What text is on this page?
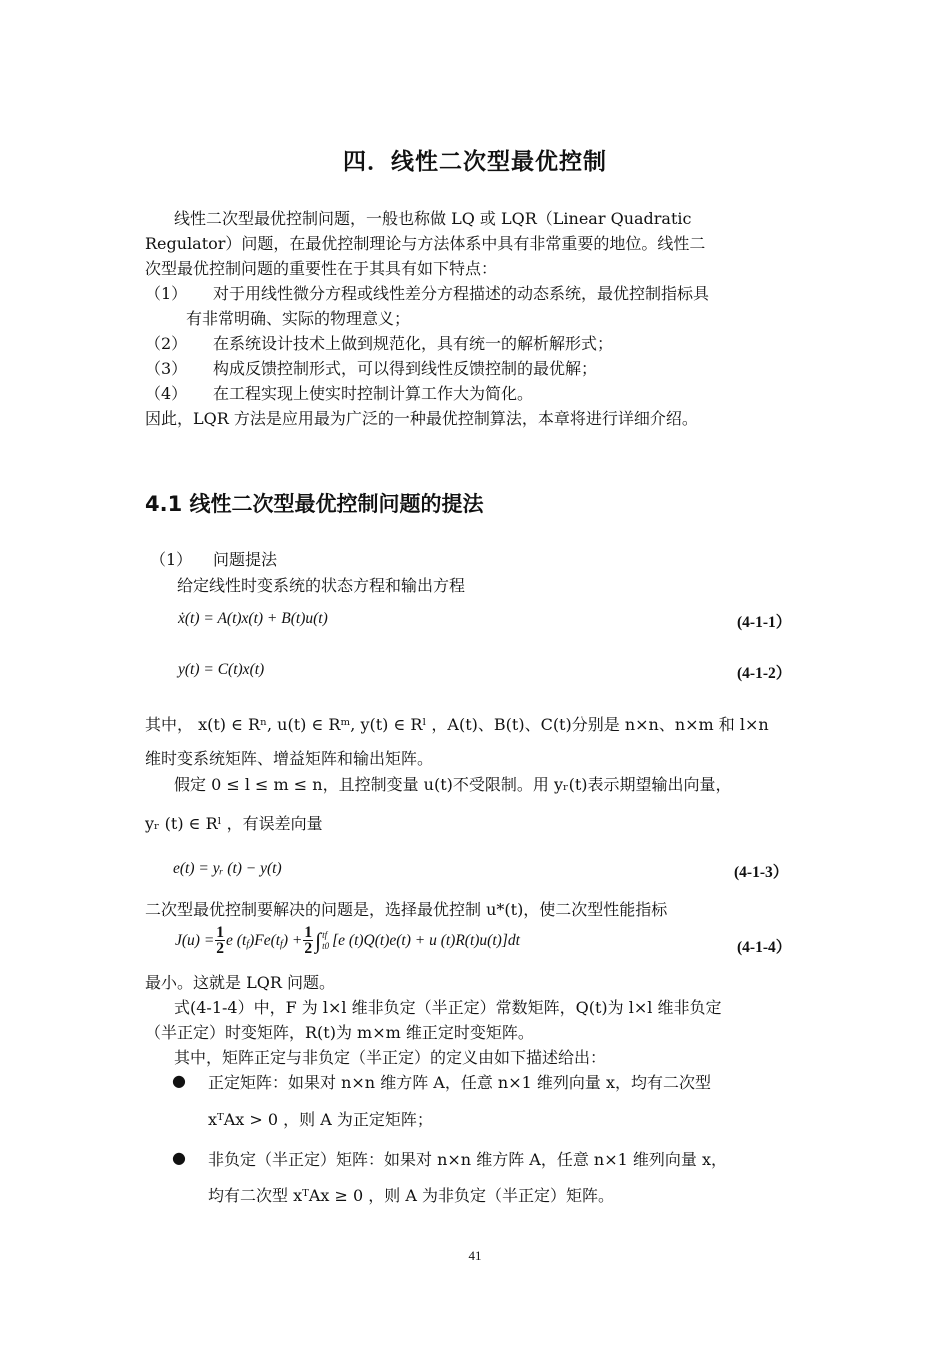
四．线性二次型最优控制
线性二次型最优控制问题，一般也称做 LQ 或 LQR（Linear Quadratic
Regulator）问题，在最优控制理论与方法体系中具有非常重要的地位。线性二
次型最优控制问题的重要性在于其具有如下特点：
（1） 对于用线性微分方程或线性差分方程描述的动态系统，最优控制指标具
有非常明确、实际的物理意义；
（2） 在系统设计技术上做到规范化，具有统一的解析解形式；
（3） 构成反馈控制形式，可以得到线性反馈控制的最优解；
（4） 在工程实现上使实时控制计算工作大为简化。
因此，LQR 方法是应用最为广泛的一种最优控制算法，本章将进行详细介绍。
4.1 线性二次型最优控制问题的提法
（1） 问题提法
给定线性时变系统的状态方程和输出方程
ẋ(t) = A(t)x(t) + B(t)u(t)	(4-1-1）
y(t) = C(t)x(t)	(4-1-2）
其中， x(t) ∈ Rⁿ, u(t) ∈ Rᵐ, y(t) ∈ Rˡ ，A(t)、B(t)、C(t)分别是 n×n、n×m 和 l×n
维时变系统矩阵、增益矩阵和输出矩阵。
假定 0 ≤ l ≤ m ≤ n，且控制变量 u(t)不受限制。用 yᵣ(t)表示期望输出向量，
yᵣ (t) ∈ Rˡ ，有误差向量
e(t) = yᵣ (t) − y(t)	(4-1-3）
二次型最优控制要解决的问题是，选择最优控制 u*(t)，使二次型性能指标
$J(u) = \frac{1}{2}$ e ($t_f$ )$Fe(t_f$ ) + $\frac{1}{2}$ ∫ tf
t0 [e (t)Q(t)e(t) + u (t)R(t)u(t)]dt	(4-1-4）
最小。这就是 LQR 问题。
式(4-1-4）中，F 为 l×l 维非负定（半正定）常数矩阵，Q(t)为 l×l 维非负定
（半正定）时变矩阵，R(t)为 m×m 维正定时变矩阵。
其中，矩阵正定与非负定（半正定）的定义由如下描述给出：
● 正定矩阵：如果对 n×n 维方阵 A，任意 n×1 维列向量 x，均有二次型
xᵀAx > 0 ，则 A 为正定矩阵；
● 非负定（半正定）矩阵：如果对 n×n 维方阵 A，任意 n×1 维列向量 x，
均有二次型 xᵀAx ≥ 0 ，则 A 为非负定（半正定）矩阵。
41
